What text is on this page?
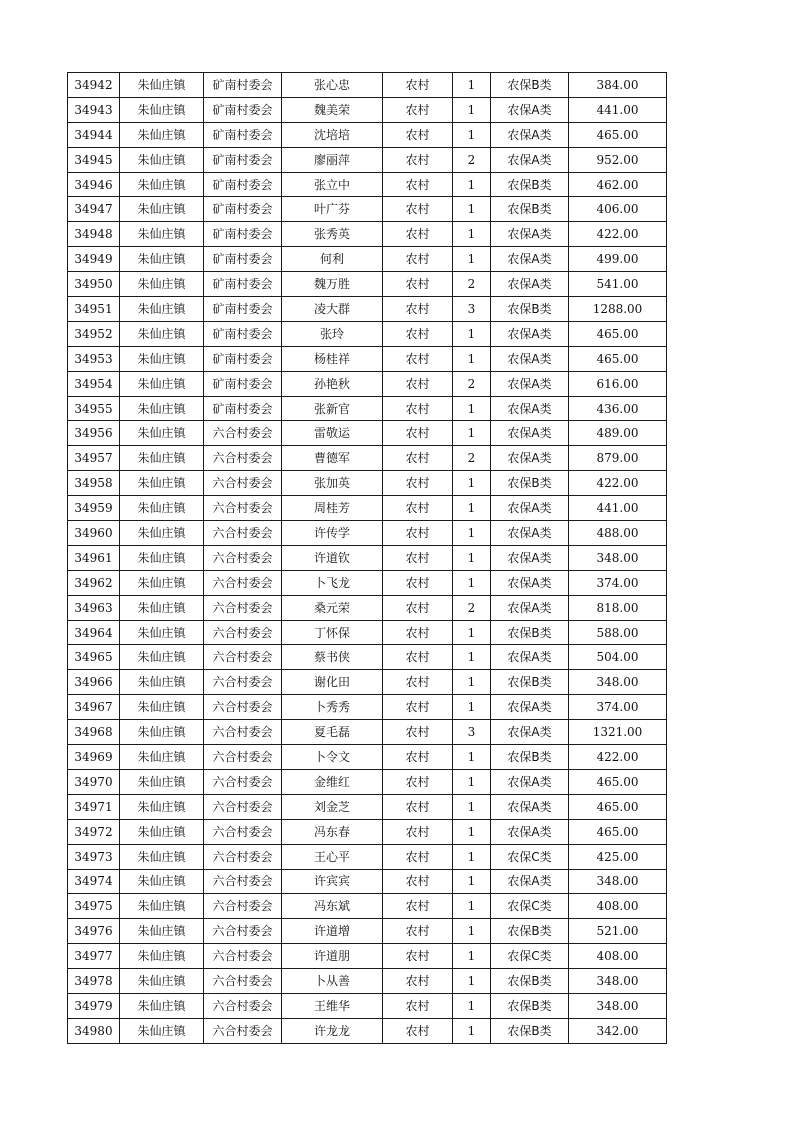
34942	朱仙庄镇	矿南村委会	张心忠	农村	1	农保B类	384.00
34943	朱仙庄镇	矿南村委会	魏美荣	农村	1	农保A类	441.00
34944	朱仙庄镇	矿南村委会	沈培培	农村	1	农保A类	465.00
34945	朱仙庄镇	矿南村委会	廖丽萍	农村	2	农保A类	952.00
34946	朱仙庄镇	矿南村委会	张立中	农村	1	农保B类	462.00
34947	朱仙庄镇	矿南村委会	叶广芬	农村	1	农保B类	406.00
34948	朱仙庄镇	矿南村委会	张秀英	农村	1	农保A类	422.00
34949	朱仙庄镇	矿南村委会	何利	农村	1	农保A类	499.00
34950	朱仙庄镇	矿南村委会	魏万胜	农村	2	农保A类	541.00
34951	朱仙庄镇	矿南村委会	凌大群	农村	3	农保B类	1288.00
34952	朱仙庄镇	矿南村委会	张玲	农村	1	农保A类	465.00
34953	朱仙庄镇	矿南村委会	杨桂祥	农村	1	农保A类	465.00
34954	朱仙庄镇	矿南村委会	孙艳秋	农村	2	农保A类	616.00
34955	朱仙庄镇	矿南村委会	张新官	农村	1	农保A类	436.00
34956	朱仙庄镇	六合村委会	雷敬运	农村	1	农保A类	489.00
34957	朱仙庄镇	六合村委会	曹德军	农村	2	农保A类	879.00
34958	朱仙庄镇	六合村委会	张加英	农村	1	农保B类	422.00
34959	朱仙庄镇	六合村委会	周桂芳	农村	1	农保A类	441.00
34960	朱仙庄镇	六合村委会	许传学	农村	1	农保A类	488.00
34961	朱仙庄镇	六合村委会	许道钦	农村	1	农保A类	348.00
34962	朱仙庄镇	六合村委会	卜飞龙	农村	1	农保A类	374.00
34963	朱仙庄镇	六合村委会	桑元荣	农村	2	农保A类	818.00
34964	朱仙庄镇	六合村委会	丁怀保	农村	1	农保B类	588.00
34965	朱仙庄镇	六合村委会	蔡书侠	农村	1	农保A类	504.00
34966	朱仙庄镇	六合村委会	谢化田	农村	1	农保B类	348.00
34967	朱仙庄镇	六合村委会	卜秀秀	农村	1	农保A类	374.00
34968	朱仙庄镇	六合村委会	夏毛磊	农村	3	农保A类	1321.00
34969	朱仙庄镇	六合村委会	卜令文	农村	1	农保B类	422.00
34970	朱仙庄镇	六合村委会	金维红	农村	1	农保A类	465.00
34971	朱仙庄镇	六合村委会	刘金芝	农村	1	农保A类	465.00
34972	朱仙庄镇	六合村委会	冯东春	农村	1	农保A类	465.00
34973	朱仙庄镇	六合村委会	王心平	农村	1	农保C类	425.00
34974	朱仙庄镇	六合村委会	许宾宾	农村	1	农保A类	348.00
34975	朱仙庄镇	六合村委会	冯东斌	农村	1	农保C类	408.00
34976	朱仙庄镇	六合村委会	许道增	农村	1	农保B类	521.00
34977	朱仙庄镇	六合村委会	许道朋	农村	1	农保C类	408.00
34978	朱仙庄镇	六合村委会	卜从善	农村	1	农保B类	348.00
34979	朱仙庄镇	六合村委会	王维华	农村	1	农保B类	348.00
34980	朱仙庄镇	六合村委会	许龙龙	农村	1	农保B类	342.00
